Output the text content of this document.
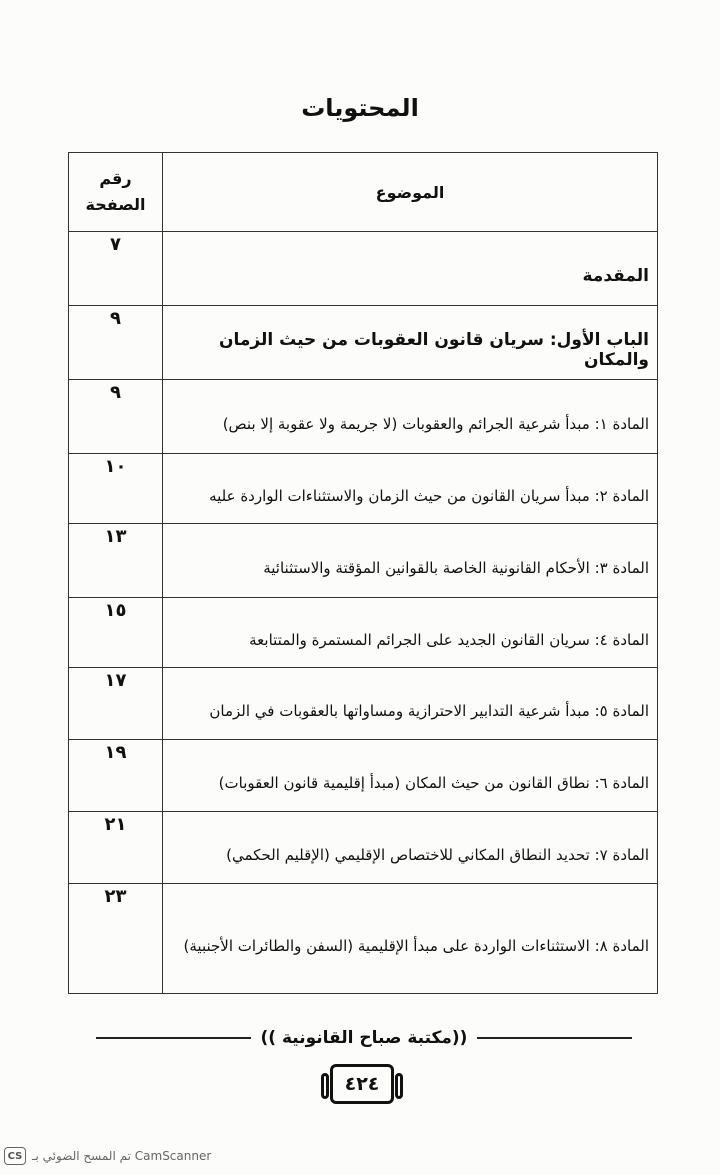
المحتويات
الموضوع	رقم
الصفحة

المقدمة	٧
الباب الأول: سريان قانون العقوبات من حيث الزمان والمكان	٩
المادة ١: مبدأ شرعية الجرائم والعقوبات (لا جريمة ولا عقوبة إلا بنص)	٩
المادة ٢: مبدأ سريان القانون من حيث الزمان والاستثناءات الواردة عليه	١٠
المادة ٣: الأحكام القانونية الخاصة بالقوانين المؤقتة والاستثنائية	١٣
المادة ٤: سريان القانون الجديد على الجرائم المستمرة والمتتابعة	١٥
المادة ٥: مبدأ شرعية التدابير الاحترازية ومساواتها بالعقوبات في الزمان	١٧
المادة ٦: نطاق القانون من حيث المكان (مبدأ إقليمية قانون العقوبات)	١٩
المادة ٧: تحديد النطاق المكاني للاختصاص الإقليمي (الإقليم الحكمي)	٢١
المادة ٨: الاستثناءات الواردة على مبدأ الإقليمية (السفن والطائرات الأجنبية)	٢٣
((مكتبة صباح القانونية ))
٤٢٤
CS تم المسح الضوئي بـ CamScanner
